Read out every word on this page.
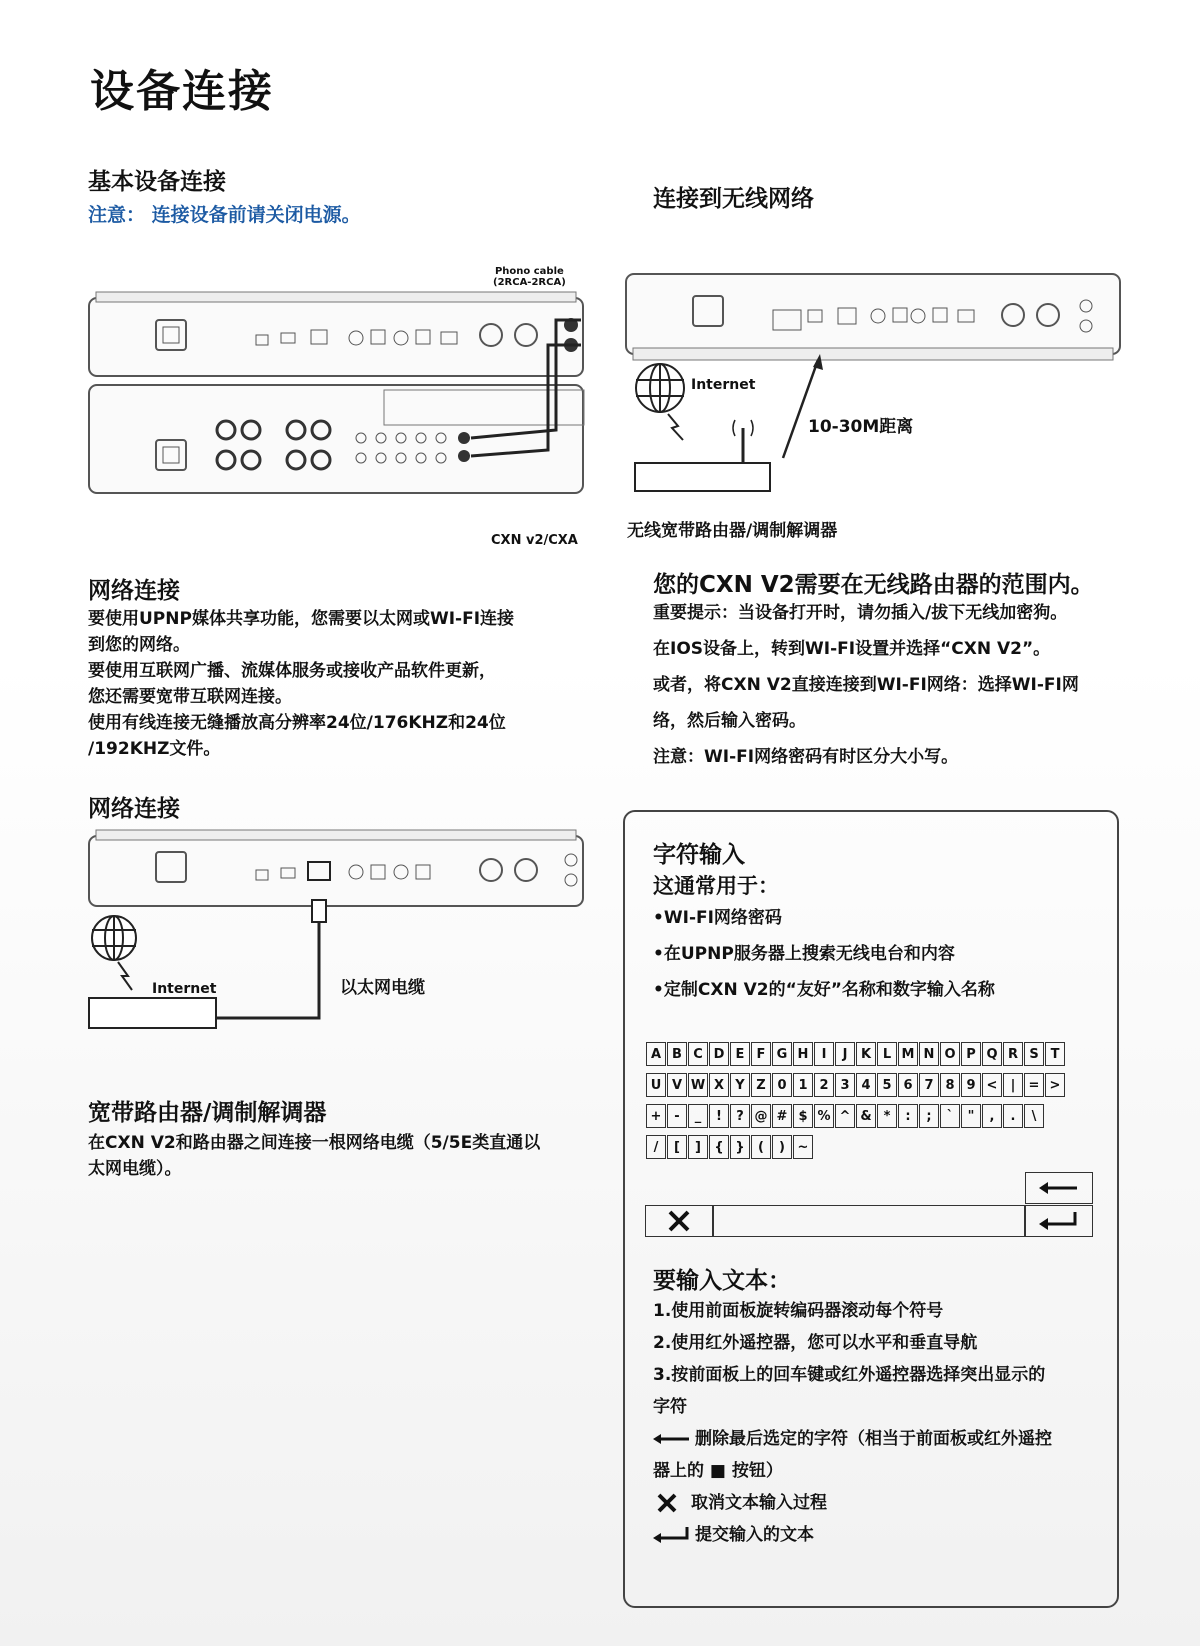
设备连接
基本设备连接
注意： 连接设备前请关闭电源。
Phono cable
(2RCA-2RCA)
CXN v2/CXA
网络连接
要使用UPNP媒体共享功能，您需要以太网或WI-FI连接
到您的网络。
要使用互联网广播、流媒体服务或接收产品软件更新，
您还需要宽带互联网连接。
使用有线连接无缝播放高分辨率24位/176KHZ和24位
/192KHZ文件。
网络连接
Internet	以太网电缆
宽带路由器/调制解调器
在CXN V2和路由器之间连接一根网络电缆（5/5E类直通以
太网电缆）。
连接到无线网络
Internet
10-30M距离
无线宽带路由器/调制解调器
您的CXN V2需要在无线路由器的范围内。
重要提示：当设备打开时，请勿插入/拔下无线加密狗。
在IOS设备上，转到WI-FI设置并选择“CXN V2”。
或者，将CXN V2直接连接到WI-FI网络：选择WI-FI网
络，然后输入密码。
注意：WI-FI网络密码有时区分大小写。
字符输入
这通常用于：
•WI-FI网络密码
•在UPNP服务器上搜索无线电台和内容
•定制CXN V2的“友好”名称和数字输入名称
A B C D E F G H	I	J	K L M N O P Q R S T
U V W X Y Z 0 1 2 3 4 5 6 7 8 9 <	|	= >
+ -	_	!	? @ # $ % ^ & *	:	;	`	"	,	.	\
/	[	]	{ }	(	) ~
要输入文本：
1.使用前面板旋转编码器滚动每个符号
2.使用红外遥控器，您可以水平和垂直导航
3.按前面板上的回车键或红外遥控器选择突出显示的
字符
删除最后选定的字符（相当于前面板或红外遥控
器上的 ■ 按钮）
取消文本输入过程
提交输入的文本
